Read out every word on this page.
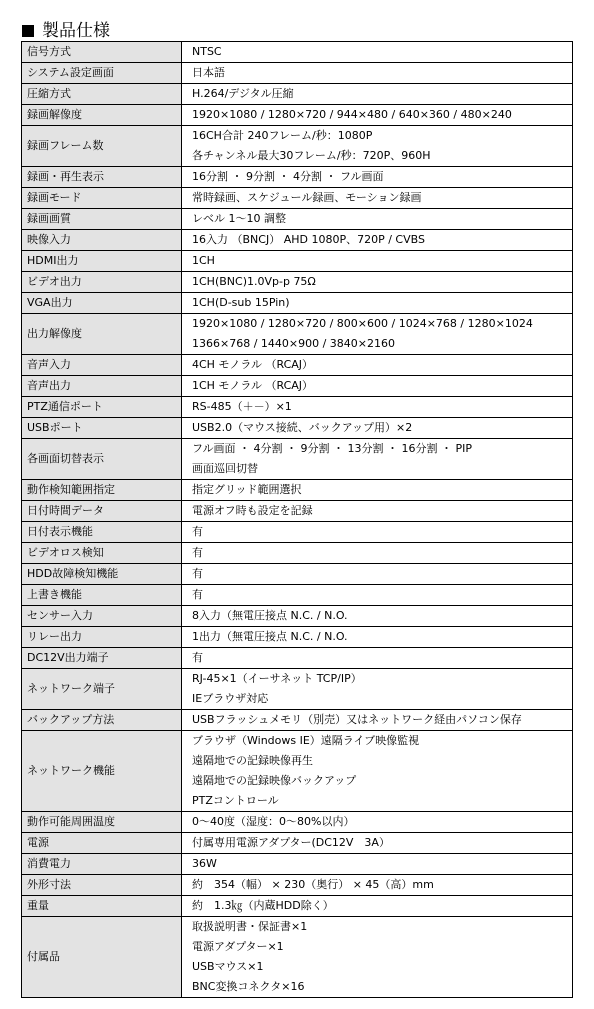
製品仕様
信号方式	NTSC

システム設定画面	日本語

圧縮方式	H.264/デジタル圧縮

録画解像度	1920×1080 / 1280×720 / 944×480 / 640×360 / 480×240

録画フレーム数	16CH合計 240フレーム/秒：1080P
各チャンネル最大30フレーム/秒：720P、960H

録画・再生表示	16分割 ・ 9分割 ・ 4分割 ・ フル画面

録画モード	常時録画、スケジュール録画、モーション録画

録画画質	レベル 1〜10 調整

映像入力	16入力 （BNCJ） AHD 1080P、720P / CVBS

HDMI出力	1CH

ビデオ出力	1CH(BNC)1.0Vp-p 75Ω

VGA出力	1CH(D-sub 15Pin)

出力解像度	1920×1080 / 1280×720 / 800×600 / 1024×768 / 1280×1024
1366×768 / 1440×900 / 3840×2160

音声入力	4CH モノラル （RCAJ）

音声出力	1CH モノラル （RCAJ）

PTZ通信ポート	RS-485（＋－）×1

USBポート	USB2.0（マウス接続、バックアップ用）×2

各画面切替表示	フル画面 ・ 4分割 ・ 9分割 ・ 13分割 ・ 16分割 ・ PIP
画面巡回切替

動作検知範囲指定	指定グリッド範囲選択

日付時間データ	電源オフ時も設定を記録

日付表示機能	有

ビデオロス検知	有

HDD故障検知機能	有

上書き機能	有

センサー入力	8入力（無電圧接点 N.C. / N.O.

リレー出力	1出力（無電圧接点 N.C. / N.O.

DC12V出力端子	有

ネットワーク端子	RJ-45×1（イーサネット TCP/IP）
IEブラウザ対応

バックアップ方法	USBフラッシュメモリ（別売）又はネットワーク経由パソコン保存

ネットワーク機能	ブラウザ（Windows IE）遠隔ライブ映像監視
遠隔地での記録映像再生
遠隔地での記録映像バックアップ
PTZコントロール

動作可能周囲温度	0〜40度（湿度：0〜80%以内）

電源	付属専用電源アダプター(DC12V　3A）

消費電力	36W

外形寸法	約　354（幅） × 230（奥行） × 45（高）mm

重量	約　1.3㎏（内蔵HDD除く）

付属品	取扱説明書・保証書×1
電源アダプター×1
USBマウス×1
BNC変換コネクタ×16
